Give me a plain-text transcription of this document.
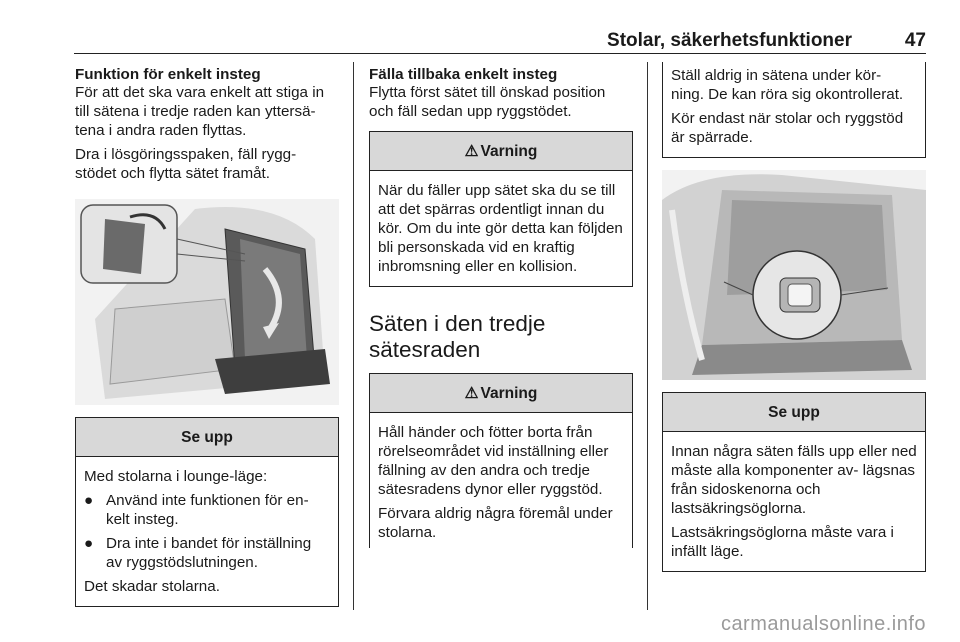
Stolar, säkerhetsfunktioner	47
Funktion för enkelt insteg

För att det ska vara enkelt att stiga in till sätena i tredje raden kan yttersä- tena i andra raden flyttas.

Dra i lösgöringsspaken, fäll rygg- stödet och flytta sätet framåt.

Se upp

Med stolarna i lounge-läge:

● Använd inte funktionen för en- kelt insteg.
● Dra inte i bandet för inställning av ryggstödslutningen.

Det skadar stolarna.

Fälla tillbaka enkelt insteg

Flytta först sätet till önskad position och fäll sedan upp ryggstödet.

⚠ Varning

När du fäller upp sätet ska du se till att det spärras ordentligt innan du kör. Om du inte gör detta kan följden bli personskada vid en kraftig inbromsning eller en kollision.

Säten i den tredje sätesraden
⚠ Varning

Håll händer och fötter borta från rörelseområdet vid inställning eller fällning av den andra och tredje sätesradens dynor eller ryggstöd.

Förvara aldrig några föremål under stolarna.

Ställ aldrig in sätena under kör- ning. De kan röra sig okontrollerat.

Kör endast när stolar och ryggstöd är spärrade.

Se upp

Innan några säten fälls upp eller ned måste alla komponenter av- lägsnas från sidoskenorna och lastsäkringsöglorna.

Lastsäkringsöglorna måste vara i infällt läge.

carmanualsonline.info
